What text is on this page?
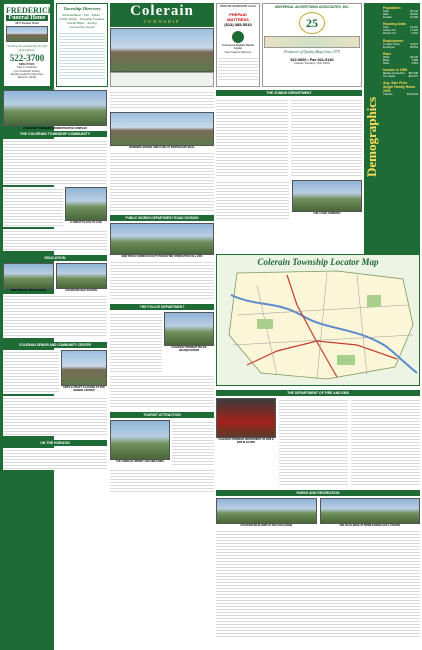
FREDERICK
Funeral Home
2377 Kemper Road
"Serving the community for four generations"
522-3700
DIRECTORS:
Paul S. Frederick
Lynn Frederick Vockey
Sandra Frederick Schumann
Robert F. Hinkle
Township Directory
Administration · Fire · Police · Public Works · Township Trustees · Fiscal Officer · Zoning · Community Center
Colerain
TOWNSHIP
NOW ON AN INSTANT CASH
PREPAID MATTRESS
(513) 385-5510
Connect & Implant Dental Center
New Patients Welcome
UNIVERSAL ADVERTISING ASSOCIATES, INC.
25
Producers of Quality Maps Since 1975
522-9000 • Fax 521-9130
Colerain Township, Ohio 45231
Demographics
Population
Total	60,144
Male	28,962
Female	31,182
Housing Units
Total	24,161
Owner Occ.	17,920
Renter Occ.	5,322
Employment
In Labor Force	31,873
Employed	30,551
Race
White	49,236
Black	7,989
Other	2,919
Income in 1999
Median Household $51,908
Per Capita	$22,167
Avg. Sale Price Single Family Home 2002
Colerain	$131,524
COLERAIN TOWNSHIP ADMINISTRATIVE COMPLEX
THE COLERAIN TOWNSHIP COMMUNITY
A GREAT PLACE TO LIVE
EDUCATION
NORTHWEST HIGH SCHOOL	COLERAIN HIGH SCHOOL
COLERAIN SENIOR AND COMMUNITY CENTER
ARTS & CRAFT CLASSES AT THE SENIOR CENTER
ON THE HORIZON
BORDERS BOOKS AND CAFE AT NORTHGATE MALL
PUBLIC WORKS DEPARTMENT ROAD DIVISION
NEW PUBLIC WORKS FACILITY PROJECTED COMPLETION FALL 2004
THE POLICE DEPARTMENT
COLERAIN TOWNSHIP POLICE HEADQUARTERS
TOURIST ATTRACTION
THE VINOKLET WINERY AND VINEYARDS
THE ZONING DEPARTMENT
THE CADIZ COMPANY
Colerain Township Locator Map
THE DEPARTMENT OF FIRE AND EMS
COLERAIN TOWNSHIP DEPARTMENT OF FIRE & EMS IN ACTION
PARKS AND RECREATION
COLERAIN WILDLANDS AT THE CHALLENGE	THE CHALLENGE AT PEBBLECREEK GOLF COURSE
